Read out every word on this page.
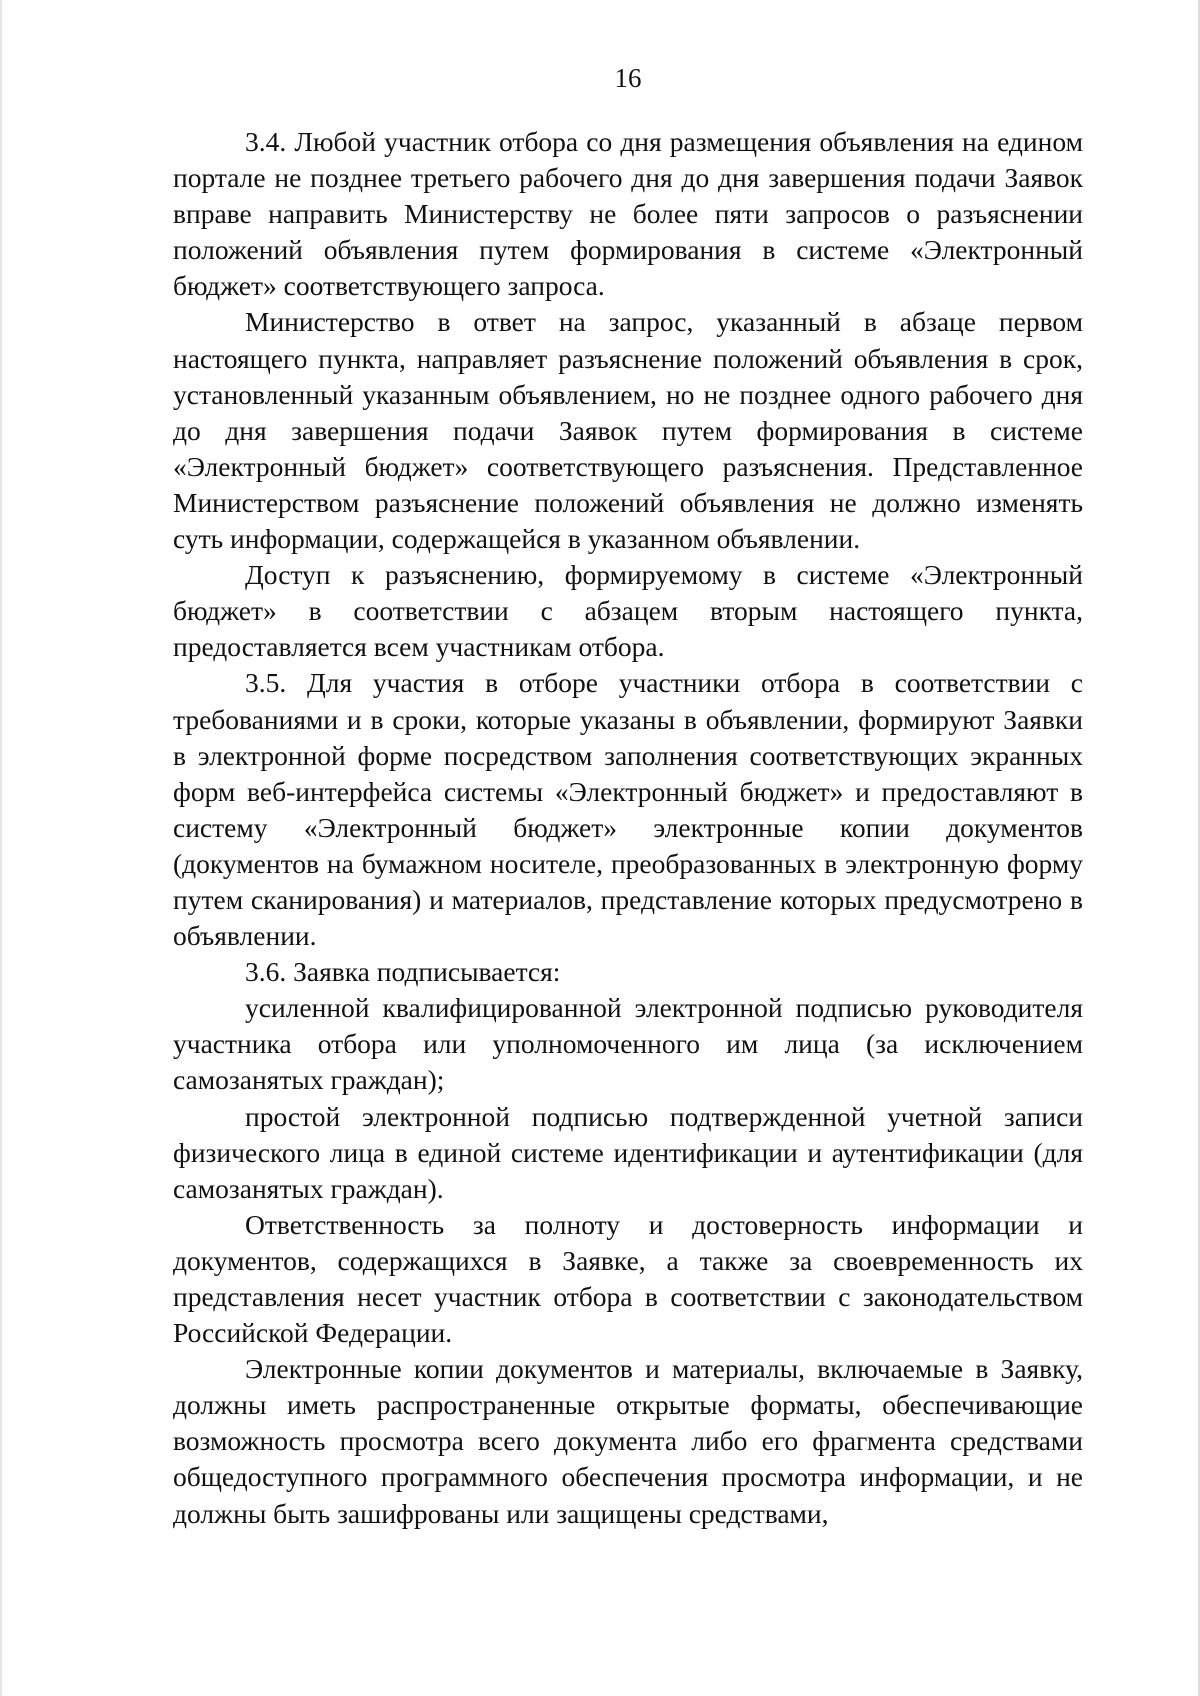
16

3.4. Любой участник отбора со дня размещения объявления на едином портале не позднее третьего рабочего дня до дня завершения подачи Заявок вправе направить Министерству не более пяти запросов о разъяснении положений объявления путем формирования в системе «Электронный бюджет» соответствующего запроса.

Министерство в ответ на запрос, указанный в абзаце первом настоящего пункта, направляет разъяснение положений объявления в срок, установленный указанным объявлением, но не позднее одного рабочего дня до дня завершения подачи Заявок путем формирования в системе «Электронный бюджет» соответствующего разъяснения. Представленное Министерством разъяснение положений объявления не должно изменять суть информации, содержащейся в указанном объявлении.

Доступ к разъяснению, формируемому в системе «Электронный бюджет» в соответствии с абзацем вторым настоящего пункта, предоставляется всем участникам отбора.

3.5. Для участия в отборе участники отбора в соответствии с требованиями и в сроки, которые указаны в объявлении, формируют Заявки в электронной форме посредством заполнения соответствующих экранных форм веб-интерфейса системы «Электронный бюджет» и предоставляют в систему «Электронный бюджет» электронные копии документов (документов на бумажном носителе, преобразованных в электронную форму путем сканирования) и материалов, представление которых предусмотрено в объявлении.

3.6. Заявка подписывается:

усиленной квалифицированной электронной подписью руководителя участника отбора или уполномоченного им лица (за исключением самозанятых граждан);

простой электронной подписью подтвержденной учетной записи физического лица в единой системе идентификации и аутентификации (для самозанятых граждан).

Ответственность за полноту и достоверность информации и документов, содержащихся в Заявке, а также за своевременность их представления несет участник отбора в соответствии с законодательством Российской Федерации.

Электронные копии документов и материалы, включаемые в Заявку, должны иметь распространенные открытые форматы, обеспечивающие возможность просмотра всего документа либо его фрагмента средствами общедоступного программного обеспечения просмотра информации, и не должны быть зашифрованы или защищены средствами,
